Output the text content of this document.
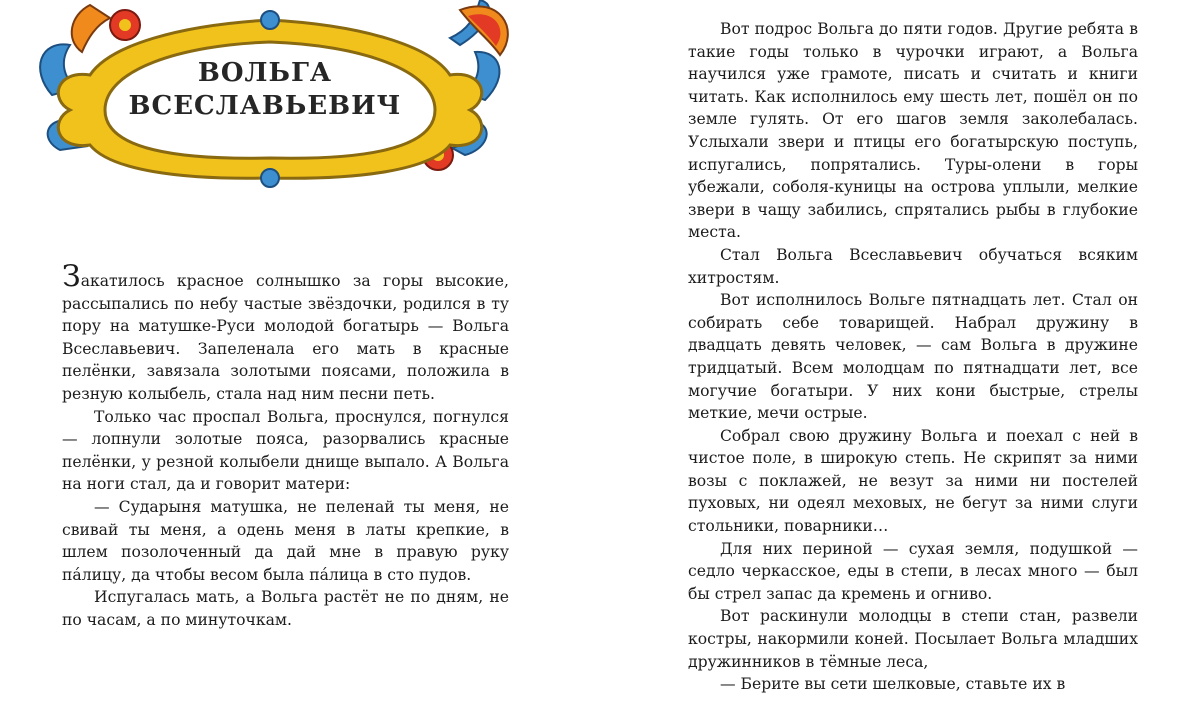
ВОЛЬГА
ВСЕСЛАВЬЕВИЧ

Закатилось красное солнышко за горы высокие, рассыпались по небу частые звёздочки, родился в ту пору на матушке-Руси молодой богатырь — Вольга Всеславьевич. Запеленала его мать в красные пелёнки, завязала золотыми поясами, положила в резную колыбель, стала над ним песни петь.

Только час проспал Вольга, проснулся, погнулся — лопнули золотые пояса, разорвались красные пелёнки, у резной колыбели днище выпало. А Вольга на ноги стал, да и говорит матери:

— Сударыня матушка, не пеленай ты меня, не свивай ты меня, а одень меня в латы крепкие, в шлем позолоченный да дай мне в правую руку пáлицу, да чтобы весом была пáлица в сто пудов.

Испугалась мать, а Вольга растёт не по дням, не по часам, а по минуточкам.

Вот подрос Вольга до пяти годов. Другие ребята в такие годы только в чурочки играют, а Вольга научился уже грамоте, писать и считать и книги читать. Как исполнилось ему шесть лет, пошёл он по земле гулять. От его шагов земля заколебалась. Услыхали звери и птицы его богатырскую поступь, испугались, попрятались. Туры-олени в горы убежали, соболя-куницы на острова уплыли, мелкие звери в чащу забились, спрятались рыбы в глубокие места.

Стал Вольга Всеславьевич обучаться всяким хитростям.

Вот исполнилось Вольге пятнадцать лет. Стал он собирать себе товарищей. Набрал дружину в двадцать девять человек, — сам Вольга в дружине тридцатый. Всем молодцам по пятнадцати лет, все могучие богатыри. У них кони быстрые, стрелы меткие, мечи острые.

Собрал свою дружину Вольга и поехал с ней в чистое поле, в широкую степь. Не скрипят за ними возы с поклажей, не везут за ними ни постелей пуховых, ни одеял меховых, не бегут за ними слуги стольники, поварники…

Для них периной — сухая земля, подушкой — седло черкасское, еды в степи, в лесах много — был бы стрел запас да кремень и огниво.

Вот раскинули молодцы в степи стан, развели костры, накормили коней. Посылает Вольга младших дружинников в тёмные леса,

— Берите вы сети шелковые, ставьте их в
